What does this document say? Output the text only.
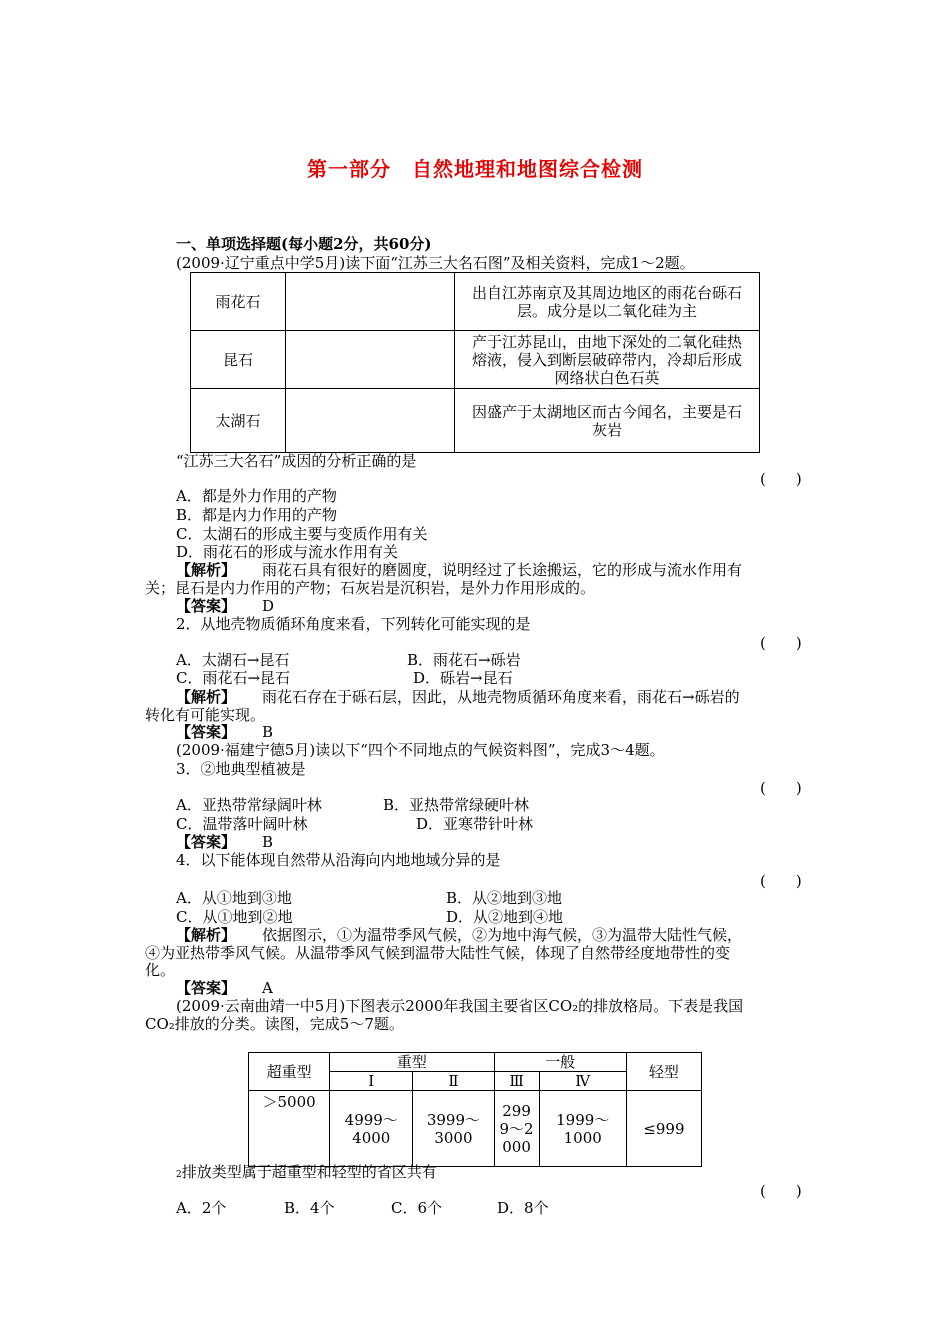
第一部分　自然地理和地图综合检测
一、单项选择题(每小题2分，共60分)
(2009·辽宁重点中学5月)读下面“江苏三大名石图”及相关资料，完成1～2题。
雨花石		出自江苏南京及其周边地区的雨花台砾石层。成分是以二氧化硅为主
昆石		产于江苏昆山，由地下深处的二氧化硅热熔液，侵入到断层破碎带内，冷却后形成网络状白色石英
太湖石		因盛产于太湖地区而古今闻名，主要是石灰岩
“江苏三大名石”成因的分析正确的是
(　　)
A．都是外力作用的产物
B．都是内力作用的产物
C．太湖石的形成主要与变质作用有关
D．雨花石的形成与流水作用有关
【解析】 雨花石具有很好的磨圆度，说明经过了长途搬运，它的形成与流水作用有
关；昆石是内力作用的产物；石灰岩是沉积岩，是外力作用形成的。
【答案】 D
2．从地壳物质循环角度来看，下列转化可能实现的是
(　　)
A．太湖石→昆石	B．雨花石→砾岩
C．雨花石→昆石	D．砾岩→昆石
【解析】 雨花石存在于砾石层，因此，从地壳物质循环角度来看，雨花石→砾岩的
转化有可能实现。
【答案】 B
(2009·福建宁德5月)读以下“四个不同地点的气候资料图”，完成3～4题。
3．②地典型植被是
(　　)
A．亚热带常绿阔叶林	B．亚热带常绿硬叶林
C．温带落叶阔叶林	D．亚寒带针叶林
【答案】 B
4．以下能体现自然带从沿海向内地地域分异的是
(　　)
A．从①地到③地	B．从②地到③地
C．从①地到②地	D．从②地到④地
【解析】 依据图示，①为温带季风气候，②为地中海气候，③为温带大陆性气候，
④为亚热带季风气候。从温带季风气候到温带大陆性气候，体现了自然带经度地带性的变
化。
【答案】 A
(2009·云南曲靖一中5月)下图表示2000年我国主要省区CO₂的排放格局。下表是我国
CO₂排放的分类。读图，完成5～7题。
超重型	重型		一般		轻型
	Ⅰ	Ⅱ	Ⅲ	Ⅳ	
＞5000	4999～4000	3999～3000	2999～2000	1999～1000	≤999
2排放类型属于超重型和轻型的省区共有
(　　)
A．2个	B．4个	C．6个	D．8个
